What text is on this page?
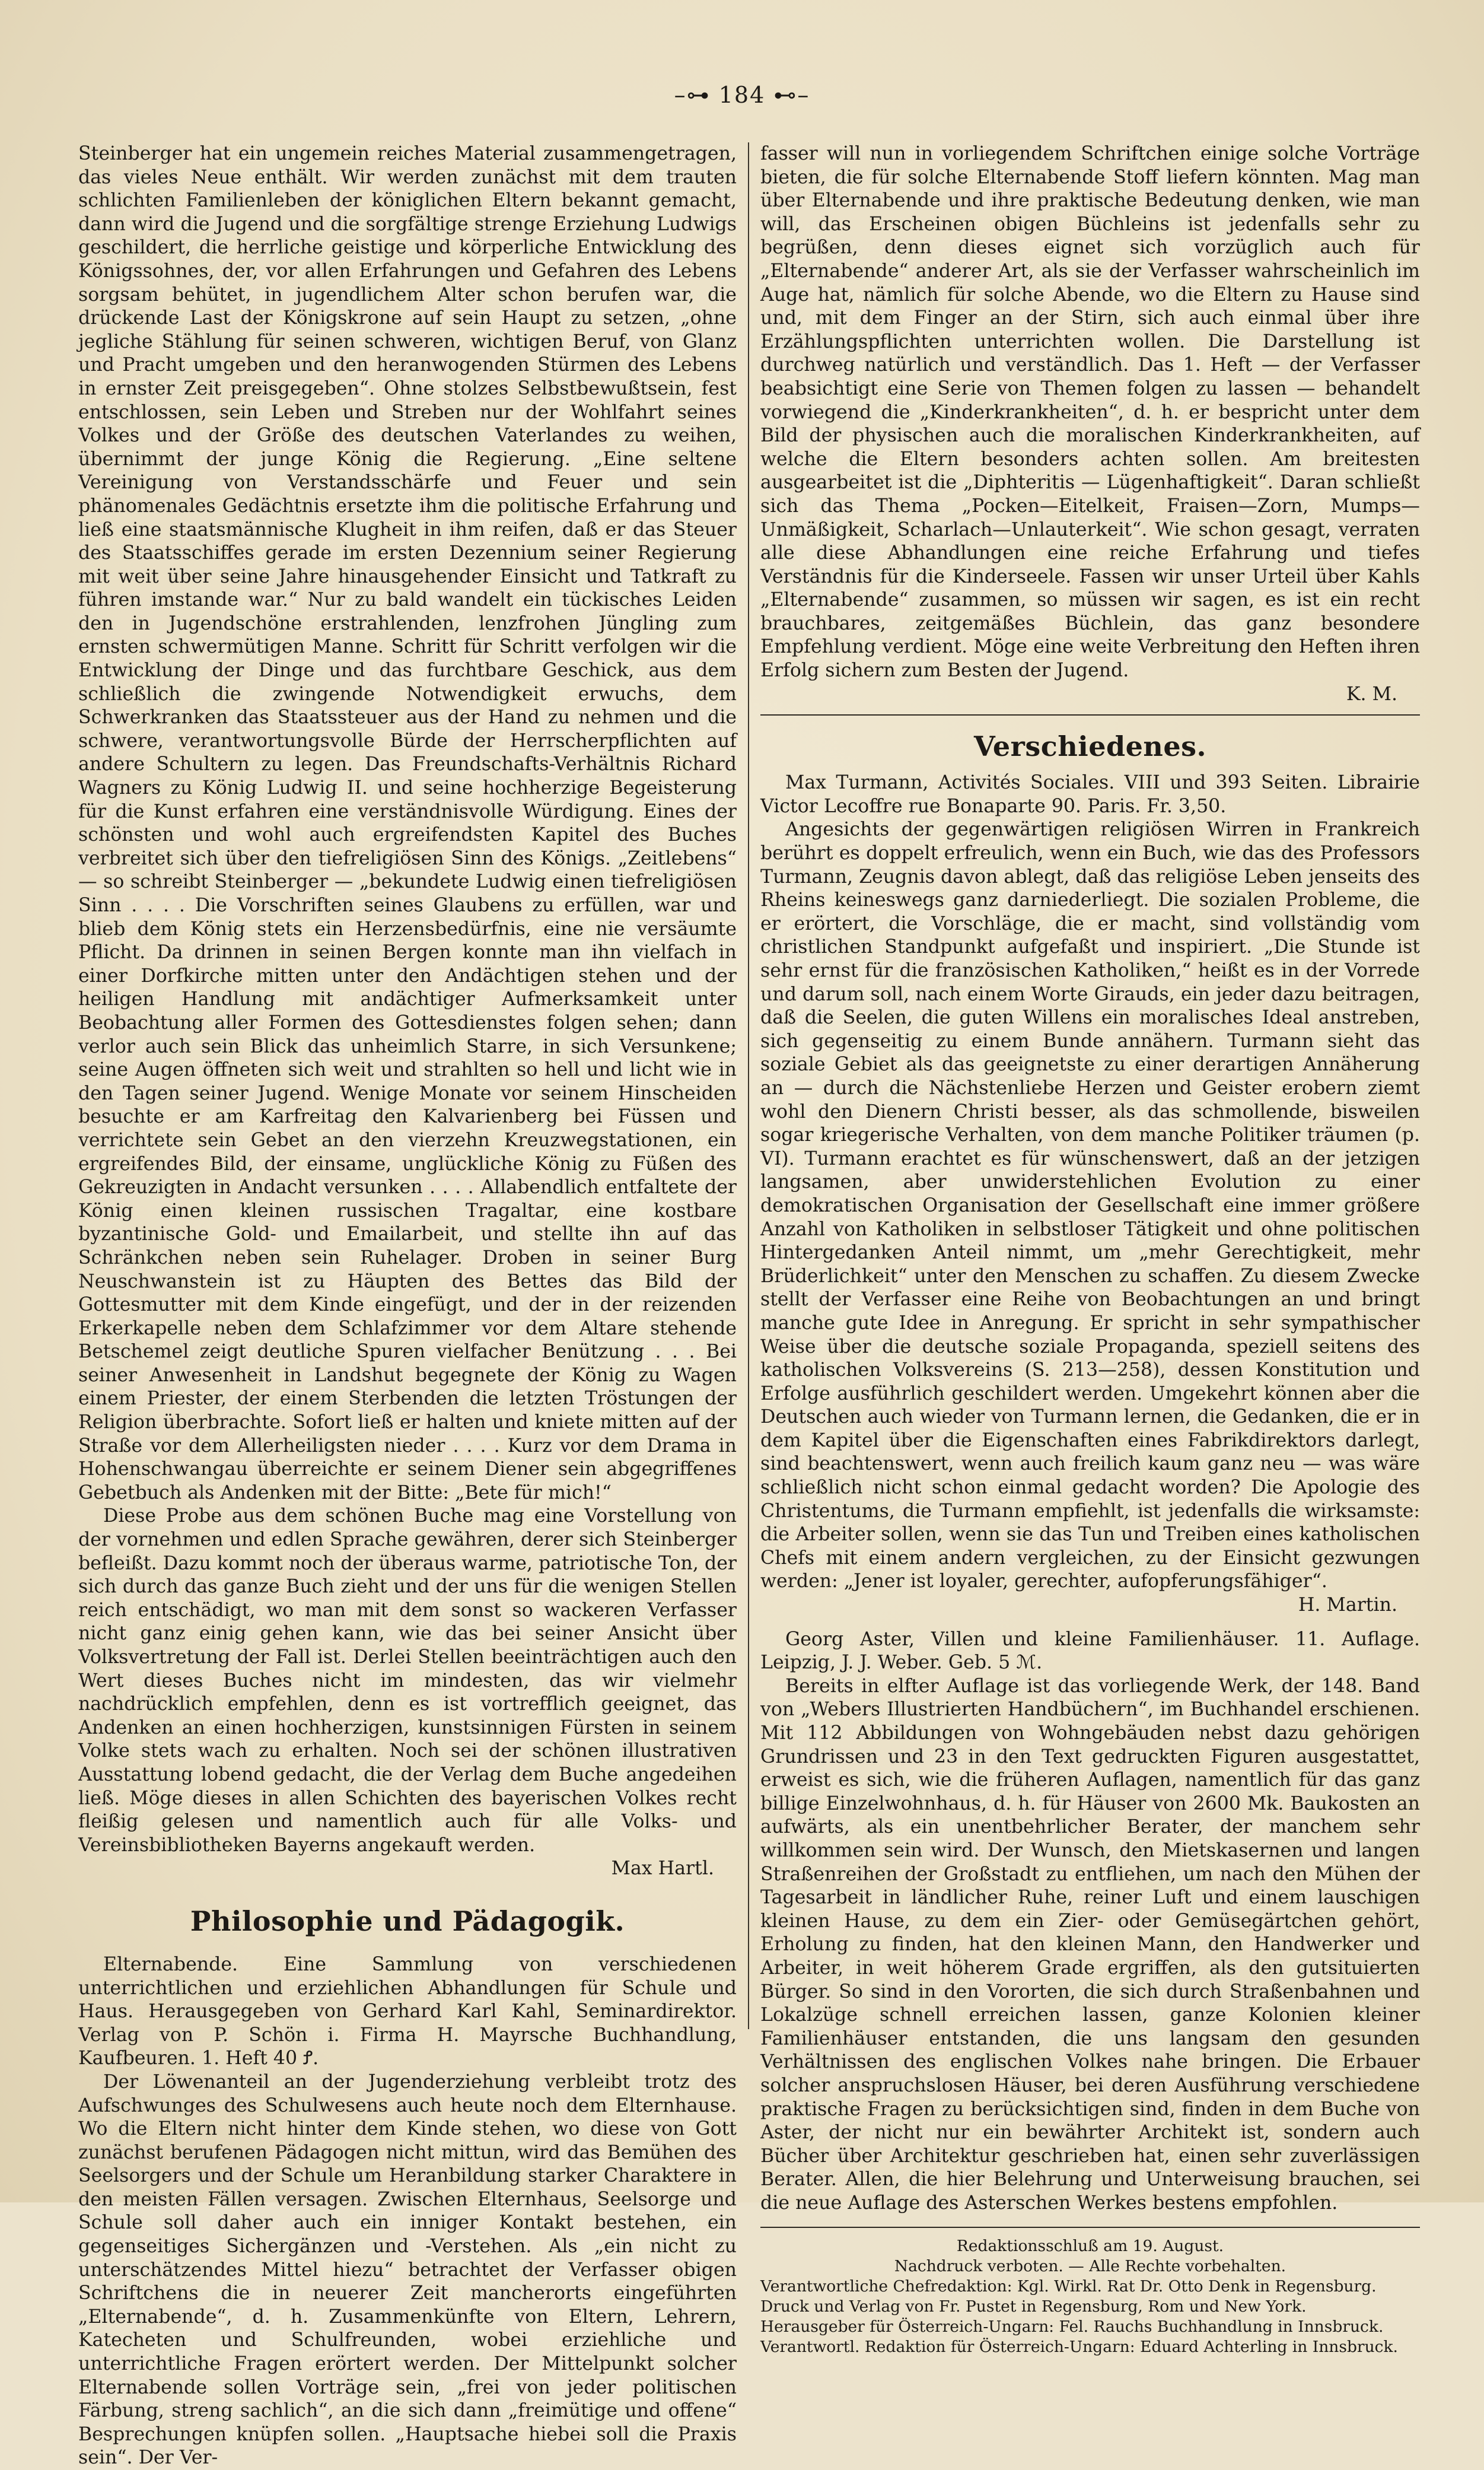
–⊶ 184 ⊷–

Steinberger hat ein ungemein reiches Material zusammengetragen, das vieles Neue enthält. Wir werden zunächst mit dem trauten schlichten Familienleben der königlichen Eltern bekannt gemacht, dann wird die Jugend und die sorgfältige strenge Erziehung Ludwigs geschildert, die herrliche geistige und körperliche Entwicklung des Königssohnes, der, vor allen Erfahrungen und Gefahren des Lebens sorgsam behütet, in jugendlichem Alter schon berufen war, die drückende Last der Königskrone auf sein Haupt zu setzen, „ohne jegliche Stählung für seinen schweren, wichtigen Beruf, von Glanz und Pracht umgeben und den heranwogenden Stürmen des Lebens in ernster Zeit preisgegeben“. Ohne stolzes Selbstbewußtsein, fest entschlossen, sein Leben und Streben nur der Wohlfahrt seines Volkes und der Größe des deutschen Vaterlandes zu weihen, übernimmt der junge König die Regierung. „Eine seltene Vereinigung von Verstandsschärfe und Feuer und sein phänomenales Gedächtnis ersetzte ihm die politische Erfahrung und ließ eine staatsmännische Klugheit in ihm reifen, daß er das Steuer des Staatsschiffes gerade im ersten Dezennium seiner Regierung mit weit über seine Jahre hinausgehender Einsicht und Tatkraft zu führen imstande war.“ Nur zu bald wandelt ein tückisches Leiden den in Jugendschöne erstrahlenden, lenzfrohen Jüngling zum ernsten schwermütigen Manne. Schritt für Schritt verfolgen wir die Entwicklung der Dinge und das furchtbare Geschick, aus dem schließlich die zwingende Notwendigkeit erwuchs, dem Schwerkranken das Staatssteuer aus der Hand zu nehmen und die schwere, verantwortungsvolle Bürde der Herrscherpflichten auf andere Schultern zu legen. Das Freundschafts-Verhältnis Richard Wagners zu König Ludwig II. und seine hochherzige Begeisterung für die Kunst erfahren eine verständnisvolle Würdigung. Eines der schönsten und wohl auch ergreifendsten Kapitel des Buches verbreitet sich über den tiefreligiösen Sinn des Königs. „Zeitlebens“ — so schreibt Steinberger — „bekundete Ludwig einen tiefreligiösen Sinn . . . . Die Vorschriften seines Glaubens zu erfüllen, war und blieb dem König stets ein Herzensbedürfnis, eine nie versäumte Pflicht. Da drinnen in seinen Bergen konnte man ihn vielfach in einer Dorfkirche mitten unter den Andächtigen stehen und der heiligen Handlung mit andächtiger Aufmerksamkeit unter Beobachtung aller Formen des Gottesdienstes folgen sehen; dann verlor auch sein Blick das unheimlich Starre, in sich Versunkene; seine Augen öffneten sich weit und strahlten so hell und licht wie in den Tagen seiner Jugend. Wenige Monate vor seinem Hinscheiden besuchte er am Karfreitag den Kalvarienberg bei Füssen und verrichtete sein Gebet an den vierzehn Kreuzwegstationen, ein ergreifendes Bild, der einsame, unglückliche König zu Füßen des Gekreuzigten in Andacht versunken . . . . Allabendlich entfaltete der König einen kleinen russischen Tragaltar, eine kostbare byzantinische Gold- und Emailarbeit, und stellte ihn auf das Schränkchen neben sein Ruhelager. Droben in seiner Burg Neuschwanstein ist zu Häupten des Bettes das Bild der Gottesmutter mit dem Kinde eingefügt, und der in der reizenden Erkerkapelle neben dem Schlafzimmer vor dem Altare stehende Betschemel zeigt deutliche Spuren vielfacher Benützung . . . Bei seiner Anwesenheit in Landshut begegnete der König zu Wagen einem Priester, der einem Sterbenden die letzten Tröstungen der Religion überbrachte. Sofort ließ er halten und kniete mitten auf der Straße vor dem Allerheiligsten nieder . . . . Kurz vor dem Drama in Hohenschwangau überreichte er seinem Diener sein abgegriffenes Gebetbuch als Andenken mit der Bitte: „Bete für mich!“

Diese Probe aus dem schönen Buche mag eine Vorstellung von der vornehmen und edlen Sprache gewähren, derer sich Steinberger befleißt. Dazu kommt noch der überaus warme, patriotische Ton, der sich durch das ganze Buch zieht und der uns für die wenigen Stellen reich entschädigt, wo man mit dem sonst so wackeren Verfasser nicht ganz einig gehen kann, wie das bei seiner Ansicht über Volksvertretung der Fall ist. Derlei Stellen beeinträchtigen auch den Wert dieses Buches nicht im mindesten, das wir vielmehr nachdrücklich empfehlen, denn es ist vortrefflich geeignet, das Andenken an einen hochherzigen, kunstsinnigen Fürsten in seinem Volke stets wach zu erhalten. Noch sei der schönen illustrativen Ausstattung lobend gedacht, die der Verlag dem Buche angedeihen ließ. Möge dieses in allen Schichten des bayerischen Volkes recht fleißig gelesen und namentlich auch für alle Volks- und Vereinsbibliotheken Bayerns angekauft werden.

Max Hartl.

Philosophie und Pädagogik.

Elternabende. Eine Sammlung von verschiedenen unterrichtlichen und erziehlichen Abhandlungen für Schule und Haus. Herausgegeben von Gerhard Karl Kahl, Seminardirektor. Verlag von P. Schön i. Firma H. Mayrsche Buchhandlung, Kaufbeuren. 1. Heft 40 Ꝭ.

Der Löwenanteil an der Jugenderziehung verbleibt trotz des Aufschwunges des Schulwesens auch heute noch dem Elternhause. Wo die Eltern nicht hinter dem Kinde stehen, wo diese von Gott zunächst berufenen Pädagogen nicht mittun, wird das Bemühen des Seelsorgers und der Schule um Heranbildung starker Charaktere in den meisten Fällen versagen. Zwischen Elternhaus, Seelsorge und Schule soll daher auch ein inniger Kontakt bestehen, ein gegenseitiges Sichergänzen und -Verstehen. Als „ein nicht zu unterschätzendes Mittel hiezu“ betrachtet der Verfasser obigen Schriftchens die in neuerer Zeit mancherorts eingeführten „Elternabende“, d. h. Zusammenkünfte von Eltern, Lehrern, Katecheten und Schulfreunden, wobei erziehliche und unterrichtliche Fragen erörtert werden. Der Mittelpunkt solcher Elternabende sollen Vorträge sein, „frei von jeder politischen Färbung, streng sachlich“, an die sich dann „freimütige und offene“ Besprechungen knüpfen sollen. „Hauptsache hiebei soll die Praxis sein“. Der Ver-

fasser will nun in vorliegendem Schriftchen einige solche Vorträge bieten, die für solche Elternabende Stoff liefern könnten. Mag man über Elternabende und ihre praktische Bedeutung denken, wie man will, das Erscheinen obigen Büchleins ist jedenfalls sehr zu begrüßen, denn dieses eignet sich vorzüglich auch für „Elternabende“ anderer Art, als sie der Verfasser wahrscheinlich im Auge hat, nämlich für solche Abende, wo die Eltern zu Hause sind und, mit dem Finger an der Stirn, sich auch einmal über ihre Erzählungspflichten unterrichten wollen. Die Darstellung ist durchweg natürlich und verständlich. Das 1. Heft — der Verfasser beabsichtigt eine Serie von Themen folgen zu lassen — behandelt vorwiegend die „Kinderkrankheiten“, d. h. er bespricht unter dem Bild der physischen auch die moralischen Kinderkrankheiten, auf welche die Eltern besonders achten sollen. Am breitesten ausgearbeitet ist die „Diphteritis — Lügenhaftigkeit“. Daran schließt sich das Thema „Pocken—Eitelkeit, Fraisen—Zorn, Mumps—Unmäßigkeit, Scharlach—Unlauterkeit“. Wie schon gesagt, verraten alle diese Abhandlungen eine reiche Erfahrung und tiefes Verständnis für die Kinderseele. Fassen wir unser Urteil über Kahls „Elternabende“ zusammen, so müssen wir sagen, es ist ein recht brauchbares, zeitgemäßes Büchlein, das ganz besondere Empfehlung verdient. Möge eine weite Verbreitung den Heften ihren Erfolg sichern zum Besten der Jugend.

K. M.

Verschiedenes.

Max Turmann, Activités Sociales. VIII und 393 Seiten. Librairie Victor Lecoffre rue Bonaparte 90. Paris. Fr. 3,50.

Angesichts der gegenwärtigen religiösen Wirren in Frankreich berührt es doppelt erfreulich, wenn ein Buch, wie das des Professors Turmann, Zeugnis davon ablegt, daß das religiöse Leben jenseits des Rheins keineswegs ganz darniederliegt. Die sozialen Probleme, die er erörtert, die Vorschläge, die er macht, sind vollständig vom christlichen Standpunkt aufgefaßt und inspiriert. „Die Stunde ist sehr ernst für die französischen Katholiken,“ heißt es in der Vorrede und darum soll, nach einem Worte Girauds, ein jeder dazu beitragen, daß die Seelen, die guten Willens ein moralisches Ideal anstreben, sich gegenseitig zu einem Bunde annähern. Turmann sieht das soziale Gebiet als das geeignetste zu einer derartigen Annäherung an — durch die Nächstenliebe Herzen und Geister erobern ziemt wohl den Dienern Christi besser, als das schmollende, bisweilen sogar kriegerische Verhalten, von dem manche Politiker träumen (p. VI). Turmann erachtet es für wünschenswert, daß an der jetzigen langsamen, aber unwiderstehlichen Evolution zu einer demokratischen Organisation der Gesellschaft eine immer größere Anzahl von Katholiken in selbstloser Tätigkeit und ohne politischen Hintergedanken Anteil nimmt, um „mehr Gerechtigkeit, mehr Brüderlichkeit“ unter den Menschen zu schaffen. Zu diesem Zwecke stellt der Verfasser eine Reihe von Beobachtungen an und bringt manche gute Idee in Anregung. Er spricht in sehr sympathischer Weise über die deutsche soziale Propaganda, speziell seitens des katholischen Volksvereins (S. 213—258), dessen Konstitution und Erfolge ausführlich geschildert werden. Umgekehrt können aber die Deutschen auch wieder von Turmann lernen, die Gedanken, die er in dem Kapitel über die Eigenschaften eines Fabrikdirektors darlegt, sind beachtenswert, wenn auch freilich kaum ganz neu — was wäre schließlich nicht schon einmal gedacht worden? Die Apologie des Christentums, die Turmann empfiehlt, ist jedenfalls die wirksamste: die Arbeiter sollen, wenn sie das Tun und Treiben eines katholischen Chefs mit einem andern vergleichen, zu der Einsicht gezwungen werden: „Jener ist loyaler, gerechter, aufopferungsfähiger“.

H. Martin.

Georg Aster, Villen und kleine Familienhäuser. 11. Auflage. Leipzig, J. J. Weber. Geb. 5 ℳ.

Bereits in elfter Auflage ist das vorliegende Werk, der 148. Band von „Webers Illustrierten Handbüchern“, im Buchhandel erschienen. Mit 112 Abbildungen von Wohngebäuden nebst dazu gehörigen Grundrissen und 23 in den Text gedruckten Figuren ausgestattet, erweist es sich, wie die früheren Auflagen, namentlich für das ganz billige Einzelwohnhaus, d. h. für Häuser von 2600 Mk. Baukosten an aufwärts, als ein unentbehrlicher Berater, der manchem sehr willkommen sein wird. Der Wunsch, den Mietskasernen und langen Straßenreihen der Großstadt zu entfliehen, um nach den Mühen der Tagesarbeit in ländlicher Ruhe, reiner Luft und einem lauschigen kleinen Hause, zu dem ein Zier- oder Gemüsegärtchen gehört, Erholung zu finden, hat den kleinen Mann, den Handwerker und Arbeiter, in weit höherem Grade ergriffen, als den gutsituierten Bürger. So sind in den Vororten, die sich durch Straßenbahnen und Lokalzüge schnell erreichen lassen, ganze Kolonien kleiner Familienhäuser entstanden, die uns langsam den gesunden Verhältnissen des englischen Volkes nahe bringen. Die Erbauer solcher anspruchslosen Häuser, bei deren Ausführung verschiedene praktische Fragen zu berücksichtigen sind, finden in dem Buche von Aster, der nicht nur ein bewährter Architekt ist, sondern auch Bücher über Architektur geschrieben hat, einen sehr zuverlässigen Berater. Allen, die hier Belehrung und Unterweisung brauchen, sei die neue Auflage des Asterschen Werkes bestens empfohlen.

Redaktionsschluß am 19. August.
Nachdruck verboten. — Alle Rechte vorbehalten.
Verantwortliche Chefredaktion: Kgl. Wirkl. Rat Dr. Otto Denk in Regensburg.
Druck und Verlag von Fr. Pustet in Regensburg, Rom und New York.
Herausgeber für Österreich-Ungarn: Fel. Rauchs Buchhandlung in Innsbruck.
Verantwortl. Redaktion für Österreich-Ungarn: Eduard Achterling in Innsbruck.
